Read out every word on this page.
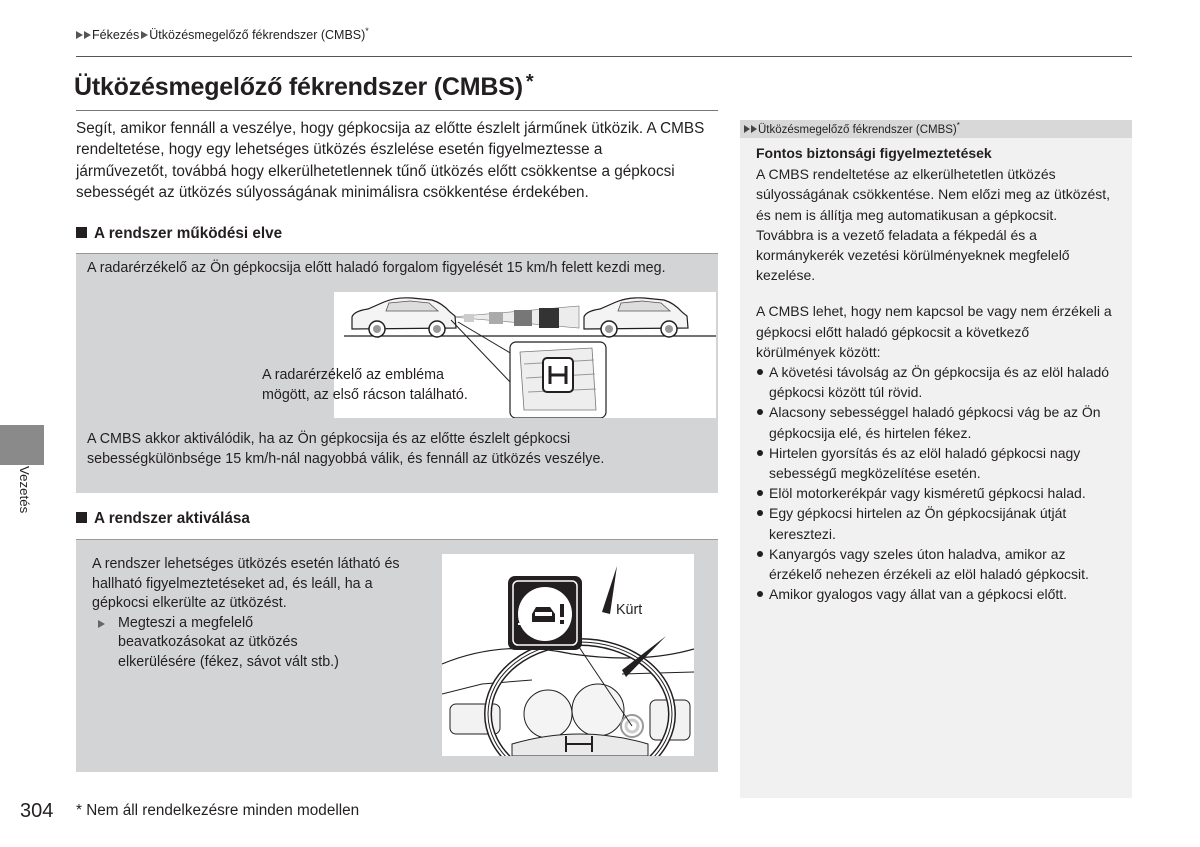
Fékezés Ütközésmegelőző fékrendszer (CMBS)*
Ütközésmegelőző fékrendszer (CMBS) *
Segít, amikor fennáll a veszélye, hogy gépkocsija az előtte észlelt járműnek ütközik. A CMBS
rendeltetése, hogy egy lehetséges ütközés észlelése esetén figyelmeztesse a
járművezetőt, továbbá hogy elkerülhetetlennek tűnő ütközés előtt csökkentse a gépkocsi
sebességét az ütközés súlyosságának minimálisra csökkentése érdekében.
A rendszer működési elve
A radarérzékelő az Ön gépkocsija előtt haladó forgalom figyelését 15 km/h felett kezdi meg.
A radarérzékelő az embléma
mögött, az első rácson található.
A CMBS akkor aktiválódik, ha az Ön gépkocsija és az előtte észlelt gépkocsi
sebességkülönbsége 15 km/h-nál nagyobbá válik, és fennáll az ütközés veszélye.
A rendszer aktiválása
A rendszer lehetséges ütközés esetén látható és
hallható figyelmeztetéseket ad, és leáll, ha a
gépkocsi elkerülte az ütközést.
Megteszi a megfelelő
beavatkozásokat az ütközés
elkerülésére (fékez, sávot vált stb.)
Kürt
Vezetés
Ütközésmegelőző fékrendszer (CMBS)*
Fontos biztonsági figyelmeztetések
A CMBS rendeltetése az elkerülhetetlen ütközés
súlyosságának csökkentése. Nem előzi meg az ütközést,
és nem is állítja meg automatikusan a gépkocsit.
Továbbra is a vezető feladata a fékpedál és a
kormánykerék vezetési körülményeknek megfelelő
kezelése.
A CMBS lehet, hogy nem kapcsol be vagy nem érzékeli a
gépkocsi előtt haladó gépkocsit a következő
körülmények között:
A követési távolság az Ön gépkocsija és az elöl haladó
gépkocsi között túl rövid.
Alacsony sebességgel haladó gépkocsi vág be az Ön
gépkocsija elé, és hirtelen fékez.
Hirtelen gyorsítás és az elöl haladó gépkocsi nagy
sebességű megközelítése esetén.
Elöl motorkerékpár vagy kisméretű gépkocsi halad.
Egy gépkocsi hirtelen az Ön gépkocsijának útját
keresztezi.
Kanyargós vagy szeles úton haladva, amikor az
érzékelő nehezen érzékeli az elöl haladó gépkocsit.
Amikor gyalogos vagy állat van a gépkocsi előtt.
304 * Nem áll rendelkezésre minden modellen
